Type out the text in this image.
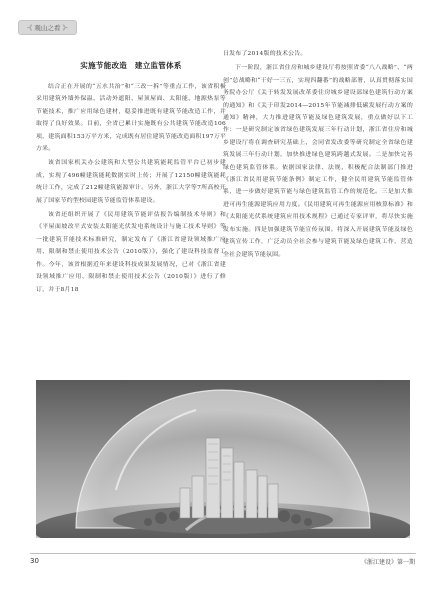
·《 观山之看 》·
实施节能改造　建立监管体系

结合正在开展的“五水共治”和“三改一拆”等重点工作，该省积极采用建筑外墙外保温、活动外遮阳、屋顶屋面、太阳能、地源热泵等节能技术，推广应用绿色建材，稳妥推进既有建筑节能改造工作，并取得了良好效果。目前，全省已累计实施既有公共建筑节能改造106项，建筑面积153万平方米，完成既有居住建筑节能改造面积197万平方米。

该省国家机关办公建筑和大型公共建筑能耗监管平台已初步建成，实现了496幢建筑能耗数据实时上传；开展了12150幢建筑能耗统计工作，完成了212幢建筑能源审计。另外，浙江大学等7所高校开展了国家节约型校园建筑节能监管体系建设。

该省还组织开展了《民用建筑节能评估报告编制技术导则》和《平屋面坡改平式安装太阳能光伏发电系统设计与施工技术导则》等一批建筑节能技术标准研究，制定发布了《浙江省建设领域推广应用、限制和禁止使用技术公告（2010版）》，强化了建设科技监督工作。今年，该省根据近年来建设科技成果发展情况，已对《浙江省建设领域推广应用、限制和禁止使用技术公告（2010版）》进行了修订，并于8月18

日发布了2014版的技术公告。

下一阶段，浙江省住房和城乡建设厅将按照省委“八八战略”、“两创”总战略和“干好一三五，实现四翻番”的战略部署，认真贯彻落实国务院办公厅《关于转发发展改革委住房城乡建设部绿色建筑行动方案的通知》和《关于印发2014—2015年节能减排低碳发展行动方案的通知》精神，大力推进建筑节能及绿色建筑发展，重点做好以下工作：一是研究制定该省绿色建筑发展三年行动计划，浙江省住房和城乡建设厅将在调查研究基础上，会同省发改委等研究制定全省绿色建筑发展三年行动计划，加快推进绿色建筑跨越式发展。二是加快完善绿色建筑监管体系。依据国家法律、法规，积极配合法制部门推进《浙江省民用建筑节能条例》制定工作，健全民用建筑节能监管体系，进一步做好建筑节能与绿色建筑监管工作的规范化。三是加大推进可再生能源建筑应用力度。《民用建筑可再生能源应用核算标准》和《太阳能光伏系统建筑应用技术规程》已通过专家评审，将尽快实施发布实施。四是加强建筑节能宣传氛围。将深入开展建筑节能及绿色建筑宣传工作，广泛动员全社会参与建筑节能及绿色建筑工作，营造全社会建筑节能氛围。

30	《浙江建设》第一期
